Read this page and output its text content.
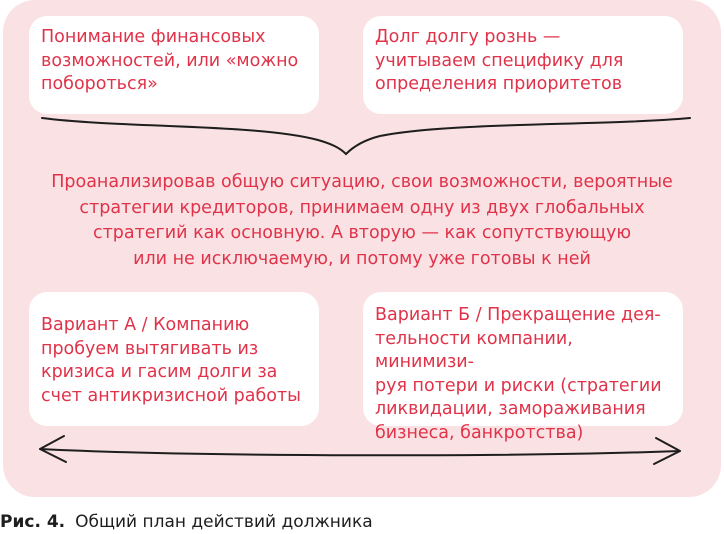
Понимание финансовых
возможностей, или «можно
побороться»
Долг долгу рознь —
учитываем специфику для
определения приоритетов
Проанализировав общую ситуацию, свои возможности, вероятные
стратегии кредиторов, принимаем одну из двух глобальных
стратегий как основную. А вторую — как сопутствующую
или не исключаемую, и потому уже готовы к ней
Вариант А / Компанию
пробуем вытягивать из
кризиса и гасим долги за
счет антикризисной работы
Вариант Б / Прекращение дея-
тельности компании, минимизи-
руя потери и риски (стратегии
ликвидации, замораживания
бизнеса, банкротства)
Рис. 4. Общий план действий должника
